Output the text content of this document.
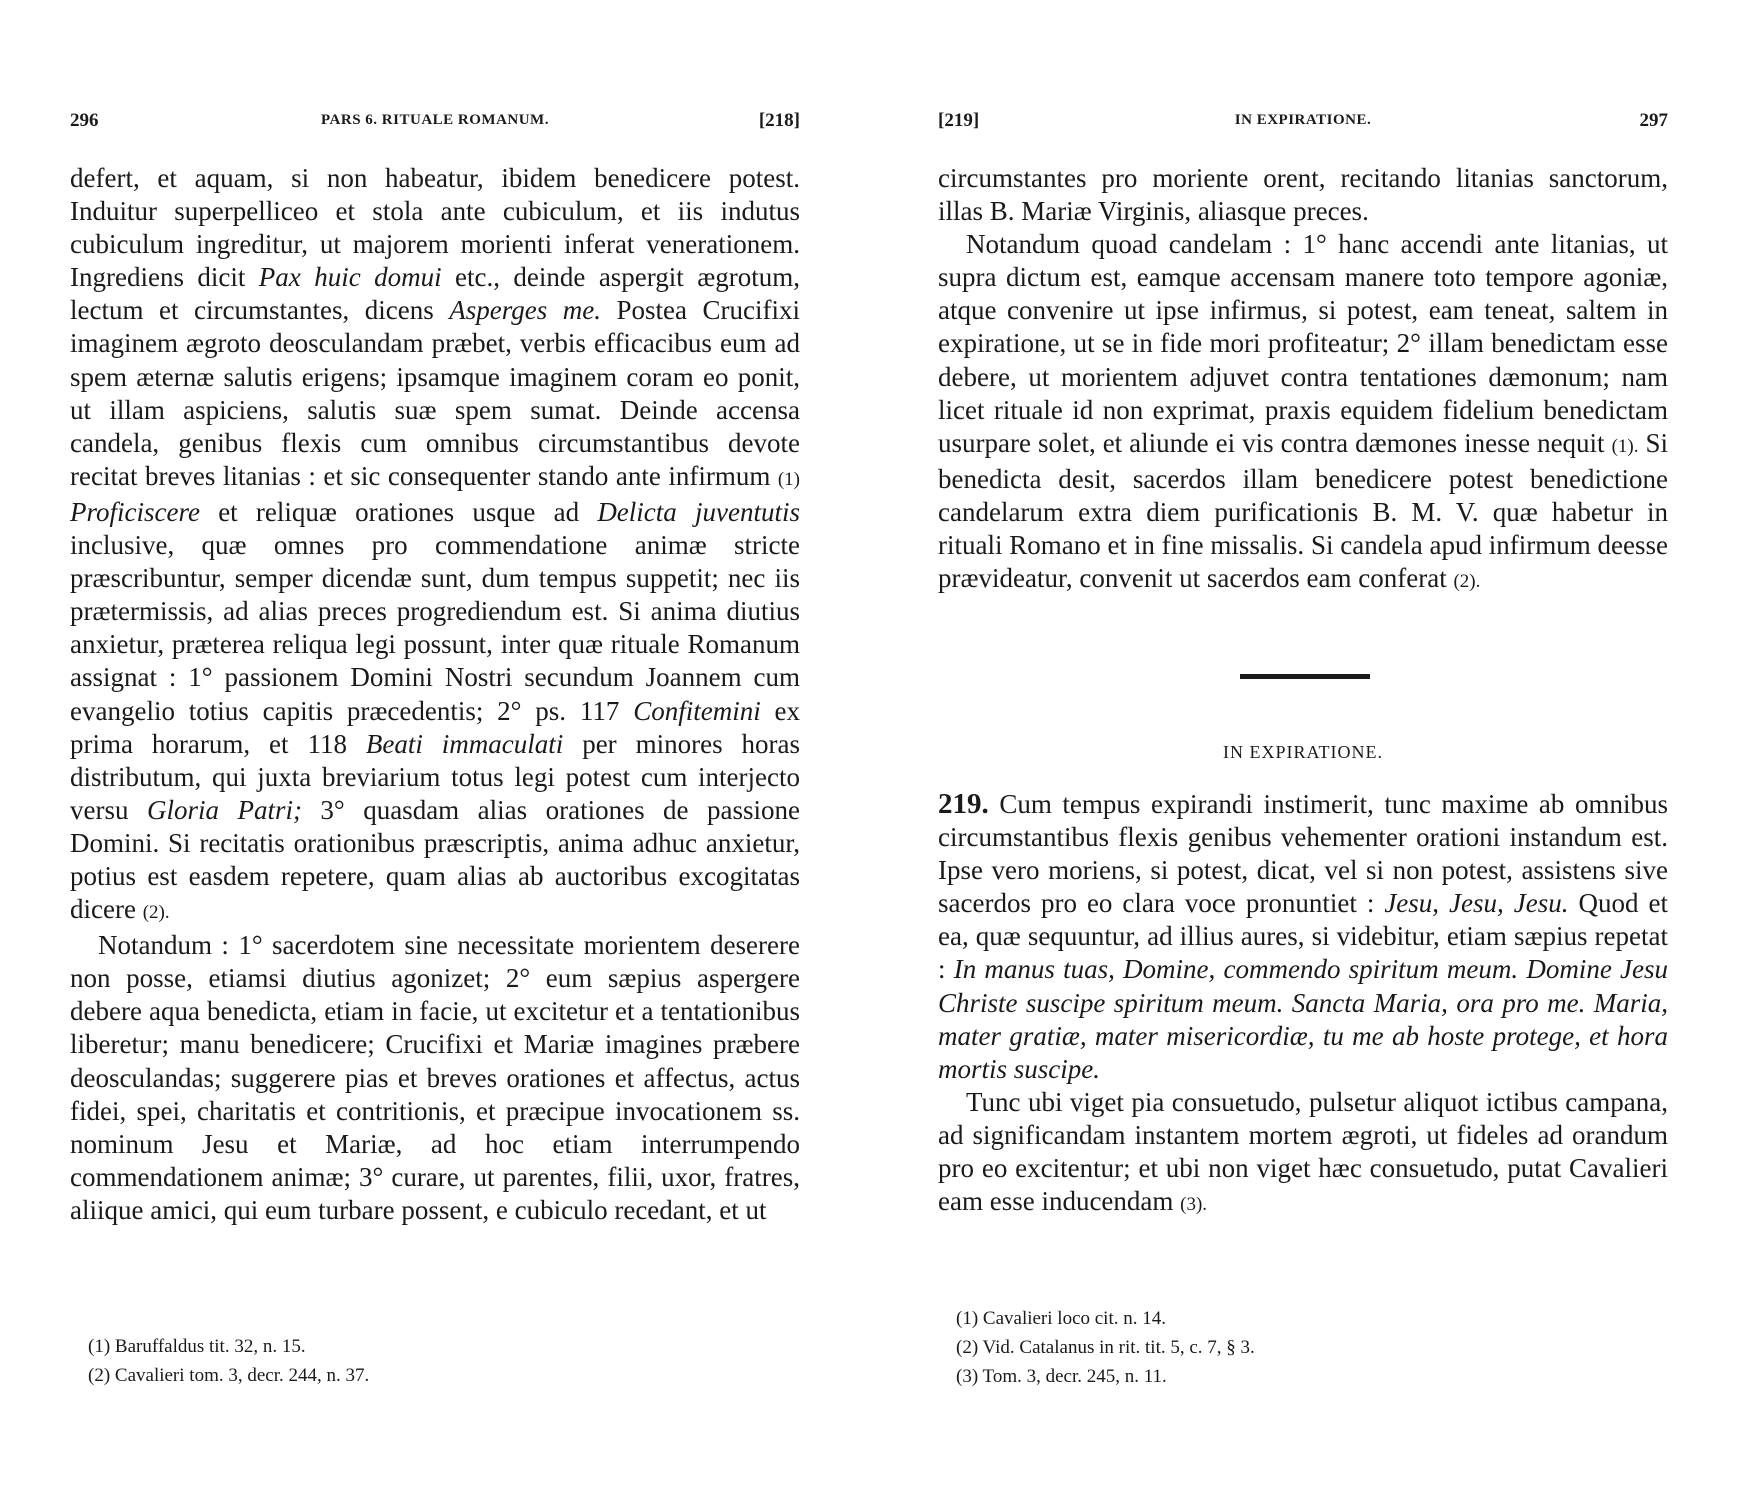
296	PARS 6. RITUALE ROMANUM.	[218]

defert, et aquam, si non habeatur, ibidem benedicere potest. Induitur superpelliceo et stola ante cubiculum, et iis indutus cubiculum ingreditur, ut majorem morienti inferat venerationem. Ingrediens dicit Pax huic domui etc., deinde aspergit ægrotum, lectum et circumstantes, dicens Asperges me. Postea Crucifixi imaginem ægroto deosculandam præbet, verbis efficacibus eum ad spem æternæ salutis erigens; ipsamque imaginem coram eo ponit, ut illam aspiciens, salutis suæ spem sumat. Deinde accensa candela, genibus flexis cum omnibus circumstantibus devote recitat breves litanias : et sic consequenter stando ante infirmum (1) Proficiscere et reliquæ orationes usque ad Delicta juventutis inclusive, quæ omnes pro commendatione animæ stricte præscribuntur, semper dicendæ sunt, dum tempus suppetit; nec iis prætermissis, ad alias preces progrediendum est. Si anima diutius anxietur, præterea reliqua legi possunt, inter quæ rituale Romanum assignat : 1° passionem Domini Nostri secundum Joannem cum evangelio totius capitis præcedentis; 2° ps. 117 Confitemini ex prima horarum, et 118 Beati immaculati per minores horas distributum, qui juxta breviarium totus legi potest cum interjecto versu Gloria Patri; 3° quasdam alias orationes de passione Domini. Si recitatis orationibus præscriptis, anima adhuc anxietur, potius est easdem repetere, quam alias ab auctoribus excogitatas dicere (2).

Notandum : 1° sacerdotem sine necessitate morientem deserere non posse, etiamsi diutius agonizet; 2° eum sæpius aspergere debere aqua benedicta, etiam in facie, ut excitetur et a tentationibus liberetur; manu benedicere; Crucifixi et Mariæ imagines præbere deosculandas; suggerere pias et breves orationes et affectus, actus fidei, spei, charitatis et contritionis, et præcipue invocationem ss. nominum Jesu et Mariæ, ad hoc etiam interrumpendo commendationem animæ; 3° curare, ut parentes, filii, uxor, fratres, aliique amici, qui eum turbare possent, e cubiculo recedant, et ut

(1) Baruffaldus tit. 32, n. 15.
(2) Cavalieri tom. 3, decr. 244, n. 37.
[219]	IN EXPIRATIONE.	297

circumstantes pro moriente orent, recitando litanias sanctorum, illas B. Mariæ Virginis, aliasque preces.

Notandum quoad candelam : 1° hanc accendi ante litanias, ut supra dictum est, eamque accensam manere toto tempore agoniæ, atque convenire ut ipse infirmus, si potest, eam teneat, saltem in expiratione, ut se in fide mori profiteatur; 2° illam benedictam esse debere, ut morientem adjuvet contra tentationes dæmonum; nam licet rituale id non exprimat, praxis equidem fidelium benedictam usurpare solet, et aliunde ei vis contra dæmones inesse nequit (1). Si benedicta desit, sacerdos illam benedicere potest benedictione candelarum extra diem purificationis B. M. V. quæ habetur in rituali Romano et in fine missalis. Si candela apud infirmum deesse prævideatur, convenit ut sacerdos eam conferat (2).

IN EXPIRATIONE.

219. Cum tempus expirandi instimerit, tunc maxime ab omnibus circumstantibus flexis genibus vehementer orationi instandum est. Ipse vero moriens, si potest, dicat, vel si non potest, assistens sive sacerdos pro eo clara voce pronuntiet : Jesu, Jesu, Jesu. Quod et ea, quæ sequuntur, ad illius aures, si videbitur, etiam sæpius repetat : In manus tuas, Domine, commendo spiritum meum. Domine Jesu Christe suscipe spiritum meum. Sancta Maria, ora pro me. Maria, mater gratiæ, mater misericordiæ, tu me ab hoste protege, et hora mortis suscipe.

Tunc ubi viget pia consuetudo, pulsetur aliquot ictibus campana, ad significandam instantem mortem ægroti, ut fideles ad orandum pro eo excitentur; et ubi non viget hæc consuetudo, putat Cavalieri eam esse inducendam (3).

(1) Cavalieri loco cit. n. 14.
(2) Vid. Catalanus in rit. tit. 5, c. 7, § 3.
(3) Tom. 3, decr. 245, n. 11.
